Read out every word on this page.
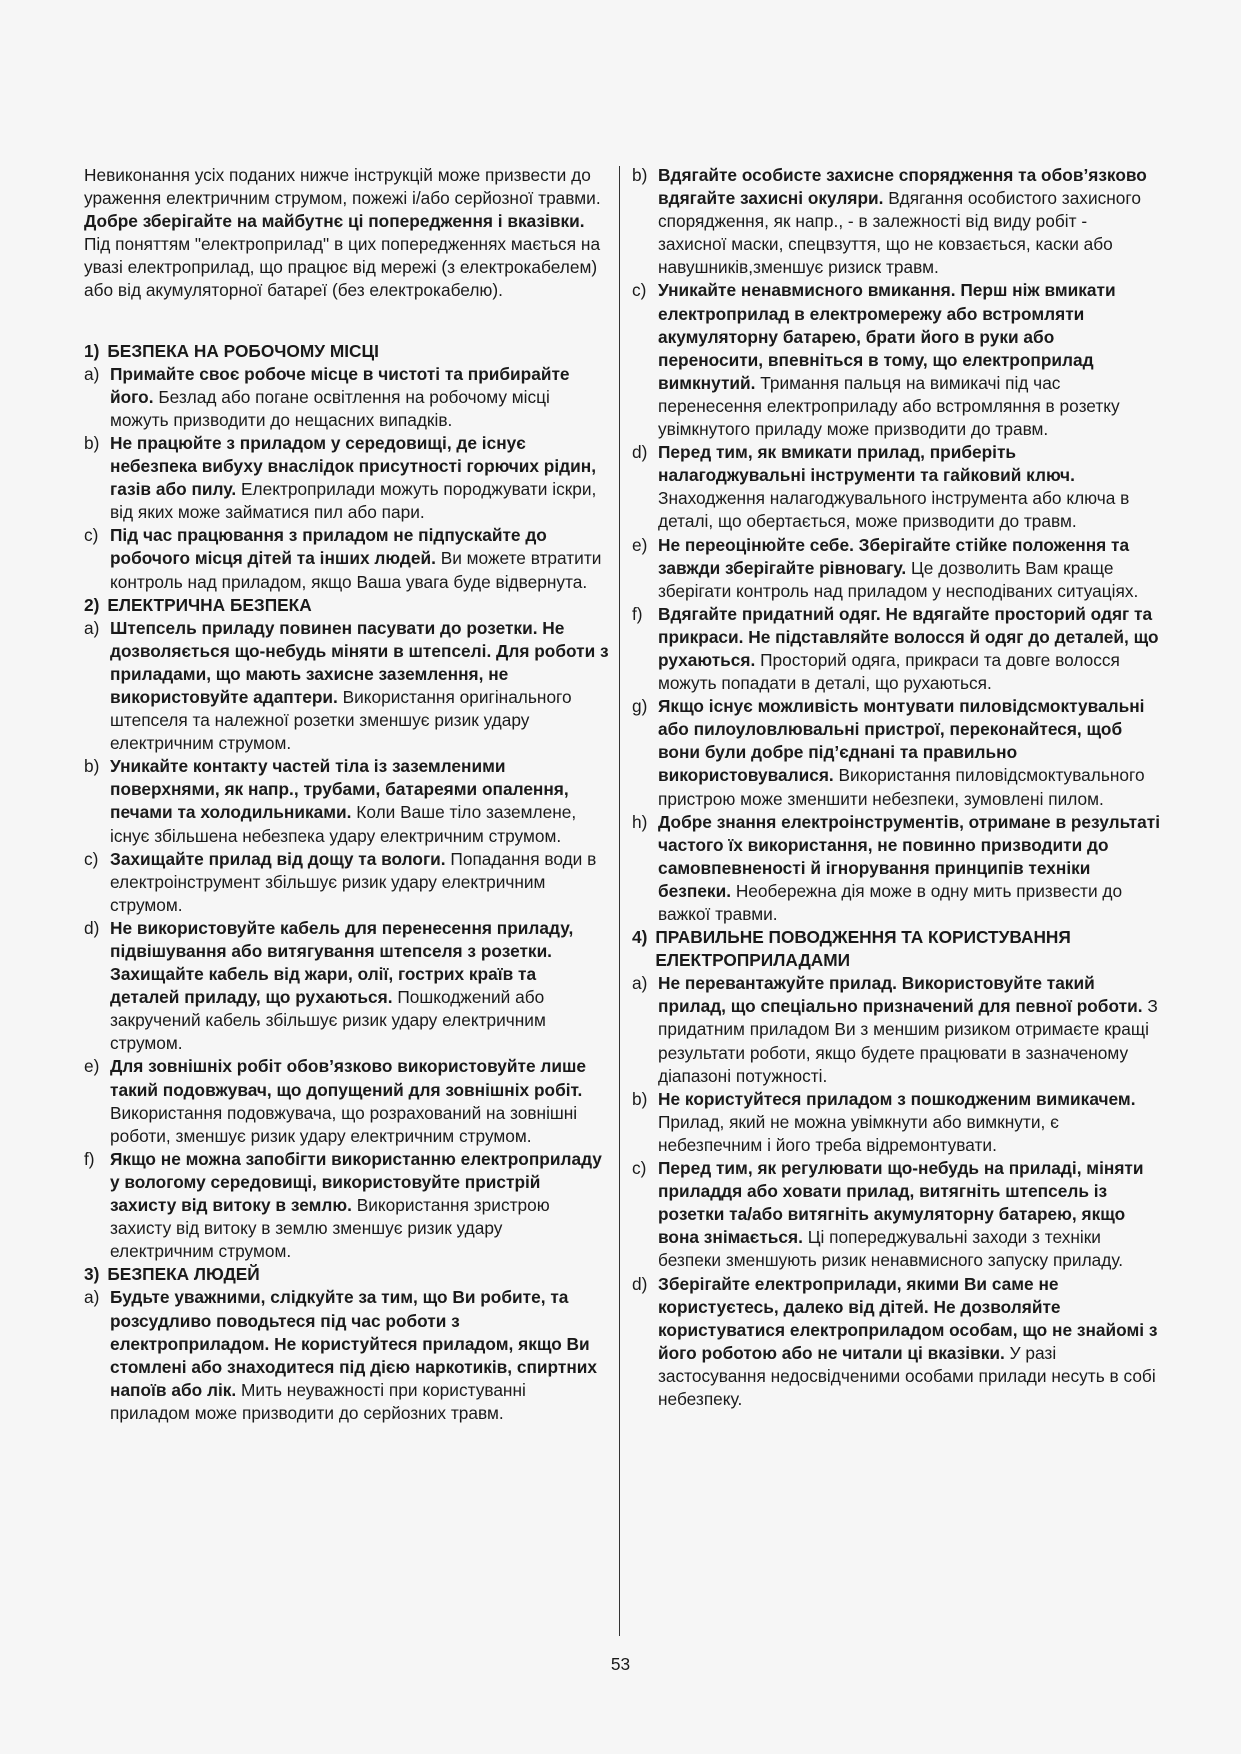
Невиконання усіх поданих нижче інструкцій може призвести до ураження електричним струмом, пожежі і/або серйозної травми. Добре зберігайте на майбутнє ці попередження і вказівки. Під поняттям "електроприлад" в цих попередженнях мається на увазі електроприлад, що працює від мережі (з електрокабелем) або від акумуляторної батареї (без електрокабелю).

1) БЕЗПЕКА НА РОБОЧОМУ МІСЦІ
a) Примайте своє робоче місце в чистоті та прибирайте його. Безлад або погане освітлення на робочому місці можуть призводити до нещасних випадків.
b) Не працюйте з приладом у середовищі, де існує небезпека вибуху внаслідок присутності горючих рідин, газів або пилу. Електроприлади можуть породжувати іскри, від яких може займатися пил або пари.
c) Під час працювання з приладом не підпускайте до робочого місця дітей та інших людей. Ви можете втратити контроль над приладом, якщо Ваша увага буде відвернута.
2) ЕЛЕКТРИЧНА БЕЗПЕКА
a) Штепсель приладу повинен пасувати до розетки. Не дозволяється що-небудь міняти в штепселі. Для роботи з приладами, що мають захисне заземлення, не використовуйте адаптери. Використання оригінального штепселя та належної розетки зменшує ризик удару електричним струмом.
b) Уникайте контакту частей тіла із заземленими поверхнями, як напр., трубами, батареями опалення, печами та холодильниками. Коли Ваше тіло заземлене, існує збільшена небезпека удару електричним струмом.
c) Захищайте прилад від дощу та вологи. Попадання води в електроінструмент збільшує ризик удару електричним струмом.
d) Не використовуйте кабель для перенесення приладу, підвішування або витягування штепселя з розетки. Захищайте кабель від жари, олії, гострих країв та деталей приладу, що рухаються. Пошкоджений або закручений кабель збільшує ризик удару електричним струмом.
e) Для зовнішніх робіт обов’язково використовуйте лише такий подовжувач, що допущений для зовнішніх робіт. Використання подовжувача, що розрахований на зовнішні роботи, зменшує ризик удару електричним струмом.
f) Якщо не можна запобігти використанню електроприладу у вологому середовищі, використовуйте пристрій захисту від витоку в землю. Використання зристрою захисту від витоку в землю зменшує ризик удару електричним струмом.
3) БЕЗПЕКА ЛЮДЕЙ
a) Будьте уважними, слідкуйте за тим, що Ви робите, та розсудливо поводьтеся під час роботи з електроприладом. Не користуйтеся приладом, якщо Ви стомлені або знаходитеся під дією наркотиків, спиртних напоїв або лік. Мить неуважності при користуванні приладом може призводити до серйозних травм.
b) Вдягайте особисте захисне спорядження та обов’язково вдягайте захисні окуляри. Вдягання особистого захисного спорядження, як напр., - в залежності від виду робіт - захисної маски, спецвзуття, що не ковзається, каски або навушників,зменшує ризиск травм.
c) Уникайте ненавмисного вмикання. Перш ніж вмикати електроприлад в електромережу або встромляти акумуляторну батарею, брати його в руки або переносити, впевніться в тому, що електроприлад вимкнутий. Тримання пальця на вимикачі під час перенесення електроприладу або встромляння в розетку увімкнутого приладу може призводити до травм.
d) Перед тим, як вмикати прилад, приберіть налагоджувальні інструменти та гайковий ключ. Знаходження налагоджувального інструмента або ключа в деталі, що обертається, може призводити до травм.
e) Не переоцінюйте себе. Зберігайте стійке положення та завжди зберігайте рівновагу. Це дозволить Вам краще зберігати контроль над приладом у несподіваних ситуаціях.
f) Вдягайте придатний одяг. Не вдягайте просторий одяг та прикраси. Не підставляйте волосся й одяг до деталей, що рухаються. Просторий одяга, прикраси та довге волосся можуть попадати в деталі, що рухаються.
g) Якщо існує можливість монтувати пиловідсмоктувальні або пилоуловлювальні пристрої, переконайтеся, щоб вони були добре під’єднані та правильно використовувалися. Використання пиловідсмоктувального пристрою може зменшити небезпеки, зумовлені пилом.
h) Добре знання електроінструментів, отримане в результаті частого їх використання, не повинно призводити до самовпевненості й ігнорування принципів техніки безпеки. Необережна дія може в одну мить призвести до важкої травми.
4) ПРАВИЛЬНЕ ПОВОДЖЕННЯ ТА КОРИСТУВАННЯ ЕЛЕКТРОПРИЛАДАМИ
a) Не перевантажуйте прилад. Використовуйте такий прилад, що спеціально призначений для певної роботи. З придатним приладом Ви з меншим ризиком отримаєте кращі результати роботи, якщо будете працювати в зазначеному діапазоні потужності.
b) Не користуйтеся приладом з пошкодженим вимикачем. Прилад, який не можна увімкнути або вимкнути, є небезпечним і його треба відремонтувати.
c) Перед тим, як регулювати що-небудь на приладі, міняти приладдя або ховати прилад, витягніть штепсель із розетки та/або витягніть акумуляторну батарею, якщо вона знімається. Ці попереджувальні заходи з техніки безпеки зменшують ризик ненавмисного запуску приладу.
d) Зберігайте електроприлади, якими Ви саме не користуєтесь, далеко від дітей. Не дозволяйте користуватися електроприладом особам, що не знайомі з його роботою або не читали ці вказівки. У разі застосування недосвідченими особами прилади несуть в собі небезпеку.
53
